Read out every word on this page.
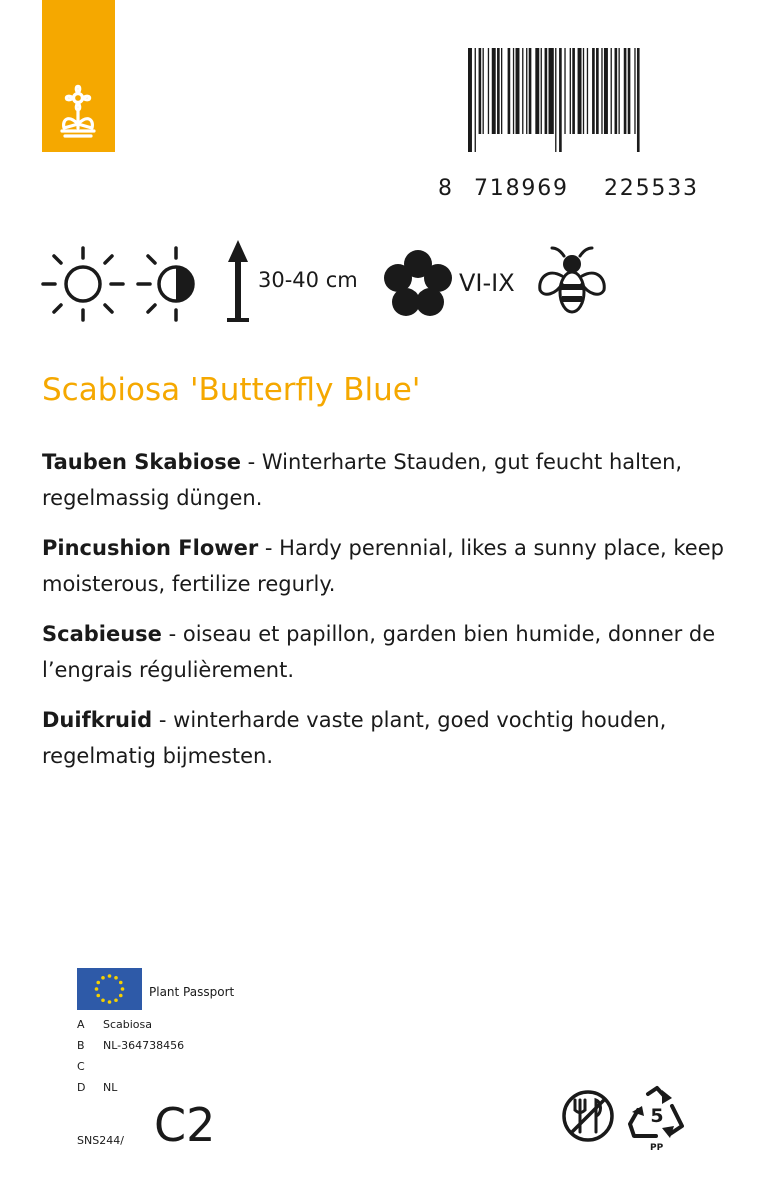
8 718969	225533
30-40 cm	VI-IX
Scabiosa 'Butterfly Blue'
Tauben Skabiose - Winterharte Stauden, gut feucht halten, regelmassig düngen.
Pincushion Flower - Hardy perennial, likes a sunny place, keep moisterous, fertilize regurly.
Scabieuse - oiseau et papillon, garden bien humide, donner de l’engrais régulièrement.
Duifkruid - winterharde vaste plant, goed vochtig houden, regelmatig bijmesten.
Plant Passport
A Scabiosa
B NL-364738456
C
D NL
SNS244/ C2	5
PP
